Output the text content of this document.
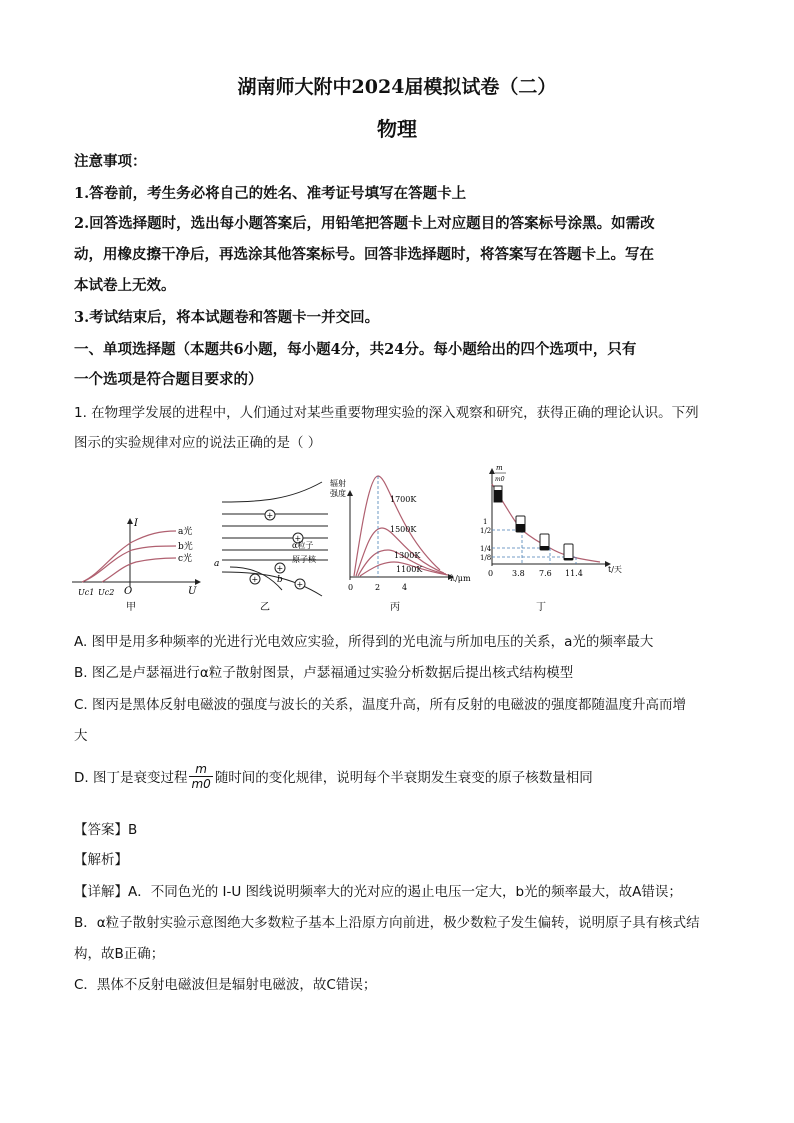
湖南师大附中2024届模拟试卷（二）
物理
注意事项：
1.答卷前，考生务必将自己的姓名、准考证号填写在答题卡上
2.回答选择题时，选出每小题答案后，用铅笔把答题卡上对应题目的答案标号涂黑。如需改
动，用橡皮擦干净后，再选涂其他答案标号。回答非选择题时，将答案写在答题卡上。写在
本试卷上无效。
3.考试结束后，将本试题卷和答题卡一并交回。
一、单项选择题（本题共6小题，每小题4分，共24分。每小题给出的四个选项中，只有
一个选项是符合题目要求的）
1. 在物理学发展的进程中，人们通过对某些重要物理实验的深入观察和研究，获得正确的理论认识。下列
图示的实验规律对应的说法正确的是（ ）
I
U
O
Uc1 Uc2
a光
b光
c光
甲
+
+
+
+
+
α粒子
原子核
a
b
乙
辐射
强度
λ/μm
1700K
1500K
1300K
1100K
0	2	4
丙
m
m0
t/天
1
1/2
1/4
1/8
0 3.8 7.6 11.4
丁
A. 图甲是用多种频率的光进行光电效应实验，所得到的光电流与所加电压的关系，a光的频率最大
B. 图乙是卢瑟福进行α粒子散射图景，卢瑟福通过实验分析数据后提出核式结构模型
C. 图丙是黑体反射电磁波的强度与波长的关系，温度升高，所有反射的电磁波的强度都随温度升高而增
大
D. 图丁是衰变过程 $\frac{m}{m0}$ 随时间的变化规律，说明每个半衰期发生衰变的原子核数量相同
【答案】B
【解析】
【详解】A．不同色光的 I-U 图线说明频率大的光对应的遏止电压一定大，b光的频率最大，故A错误；
B．α粒子散射实验示意图绝大多数粒子基本上沿原方向前进，极少数粒子发生偏转，说明原子具有核式结
构，故B正确；
C．黑体不反射电磁波但是辐射电磁波，故C错误；
